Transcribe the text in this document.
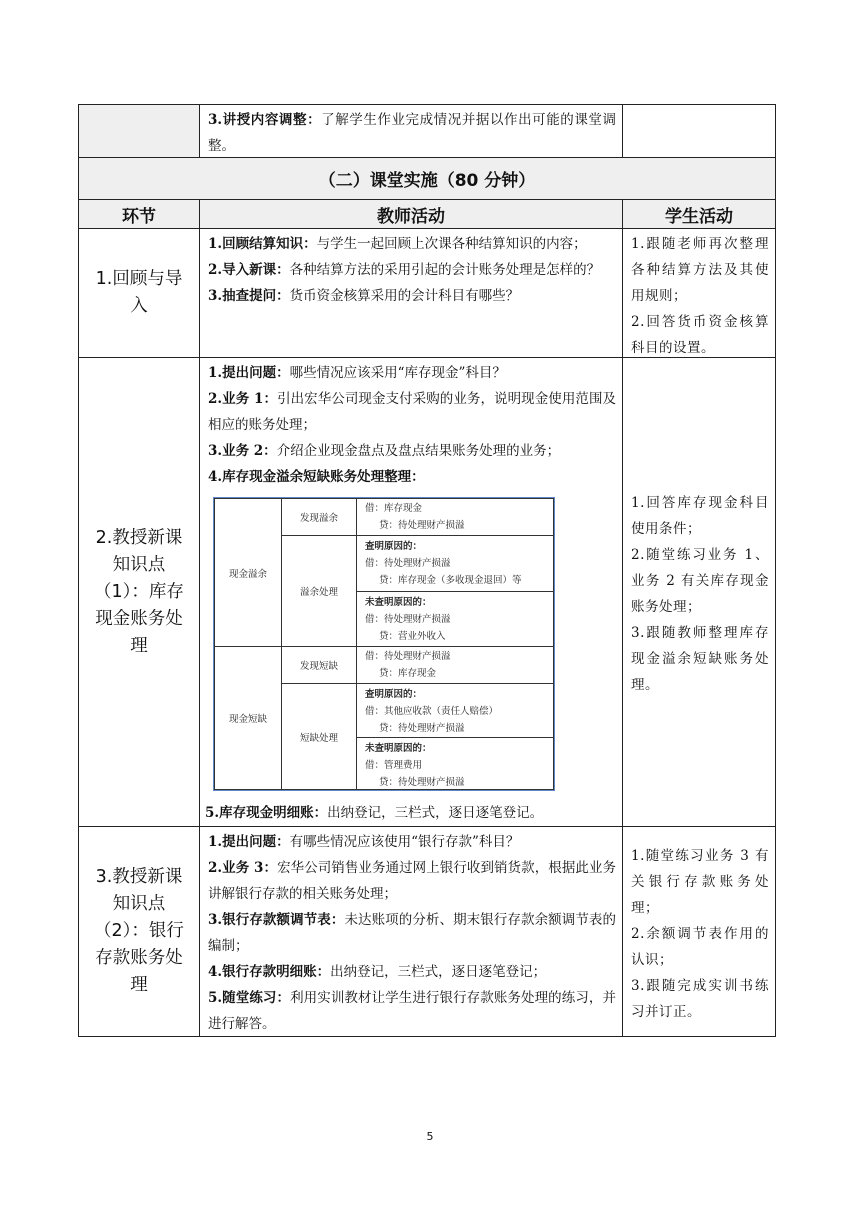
3.讲授内容调整：了解学生作业完成情况并据以作出可能的课堂调整。

（二）课堂实施（80 分钟）
环节	教师活动	学生活动
1.回顾与导入

1.回顾结算知识：与学生一起回顾上次课各种结算知识的内容；

2.导入新课：各种结算方法的采用引起的会计账务处理是怎样的？

3.抽查提问：货币资金核算采用的会计科目有哪些？

1.跟随老师再次整理各种结算方法及其使用规则；

2.回答货币资金核算科目的设置。

2.教授新课知识点（1）：库存现金账务处理

1.提出问题：哪些情况应该采用“库存现金”科目？

2.业务 1：引出宏华公司现金支付采购的业务，说明现金使用范围及相应的账务处理；

3.业务 2：介绍企业现金盘点及盘点结果账务处理的业务；

4.库存现金溢余短缺账务处理整理：

5.库存现金明细账：出纳登记，三栏式，逐日逐笔登记。

1.回答库存现金科目使用条件；

2.随堂练习业务 1、业务 2 有关库存现金账务处理；

3.跟随教师整理库存现金溢余短缺账务处理。

现金溢余
发现溢余
借：库存现金
贷：待处理财产损溢
溢余处理
查明原因的：
借：待处理财产损溢
贷：库存现金（多收现金退回）等
未查明原因的：
借：待处理财产损溢
贷：营业外收入
现金短缺
发现短缺
借：待处理财产损溢
贷：库存现金
短缺处理
查明原因的：
借：其他应收款（责任人赔偿）
贷：待处理财产损溢
未查明原因的：
借：管理费用
贷：待处理财产损溢
3.教授新课知识点（2）：银行存款账务处理

1.提出问题：有哪些情况应该使用“银行存款”科目？

2.业务 3：宏华公司销售业务通过网上银行收到销货款，根据此业务讲解银行存款的相关账务处理；

3.银行存款额调节表：未达账项的分析、期末银行存款余额调节表的编制；

4.银行存款明细账：出纳登记，三栏式，逐日逐笔登记；

5.随堂练习：利用实训教材让学生进行银行存款账务处理的练习，并进行解答。

1.随堂练习业务 3 有关银行存款账务处理；

2.余额调节表作用的认识；

3.跟随完成实训书练习并订正。

5
